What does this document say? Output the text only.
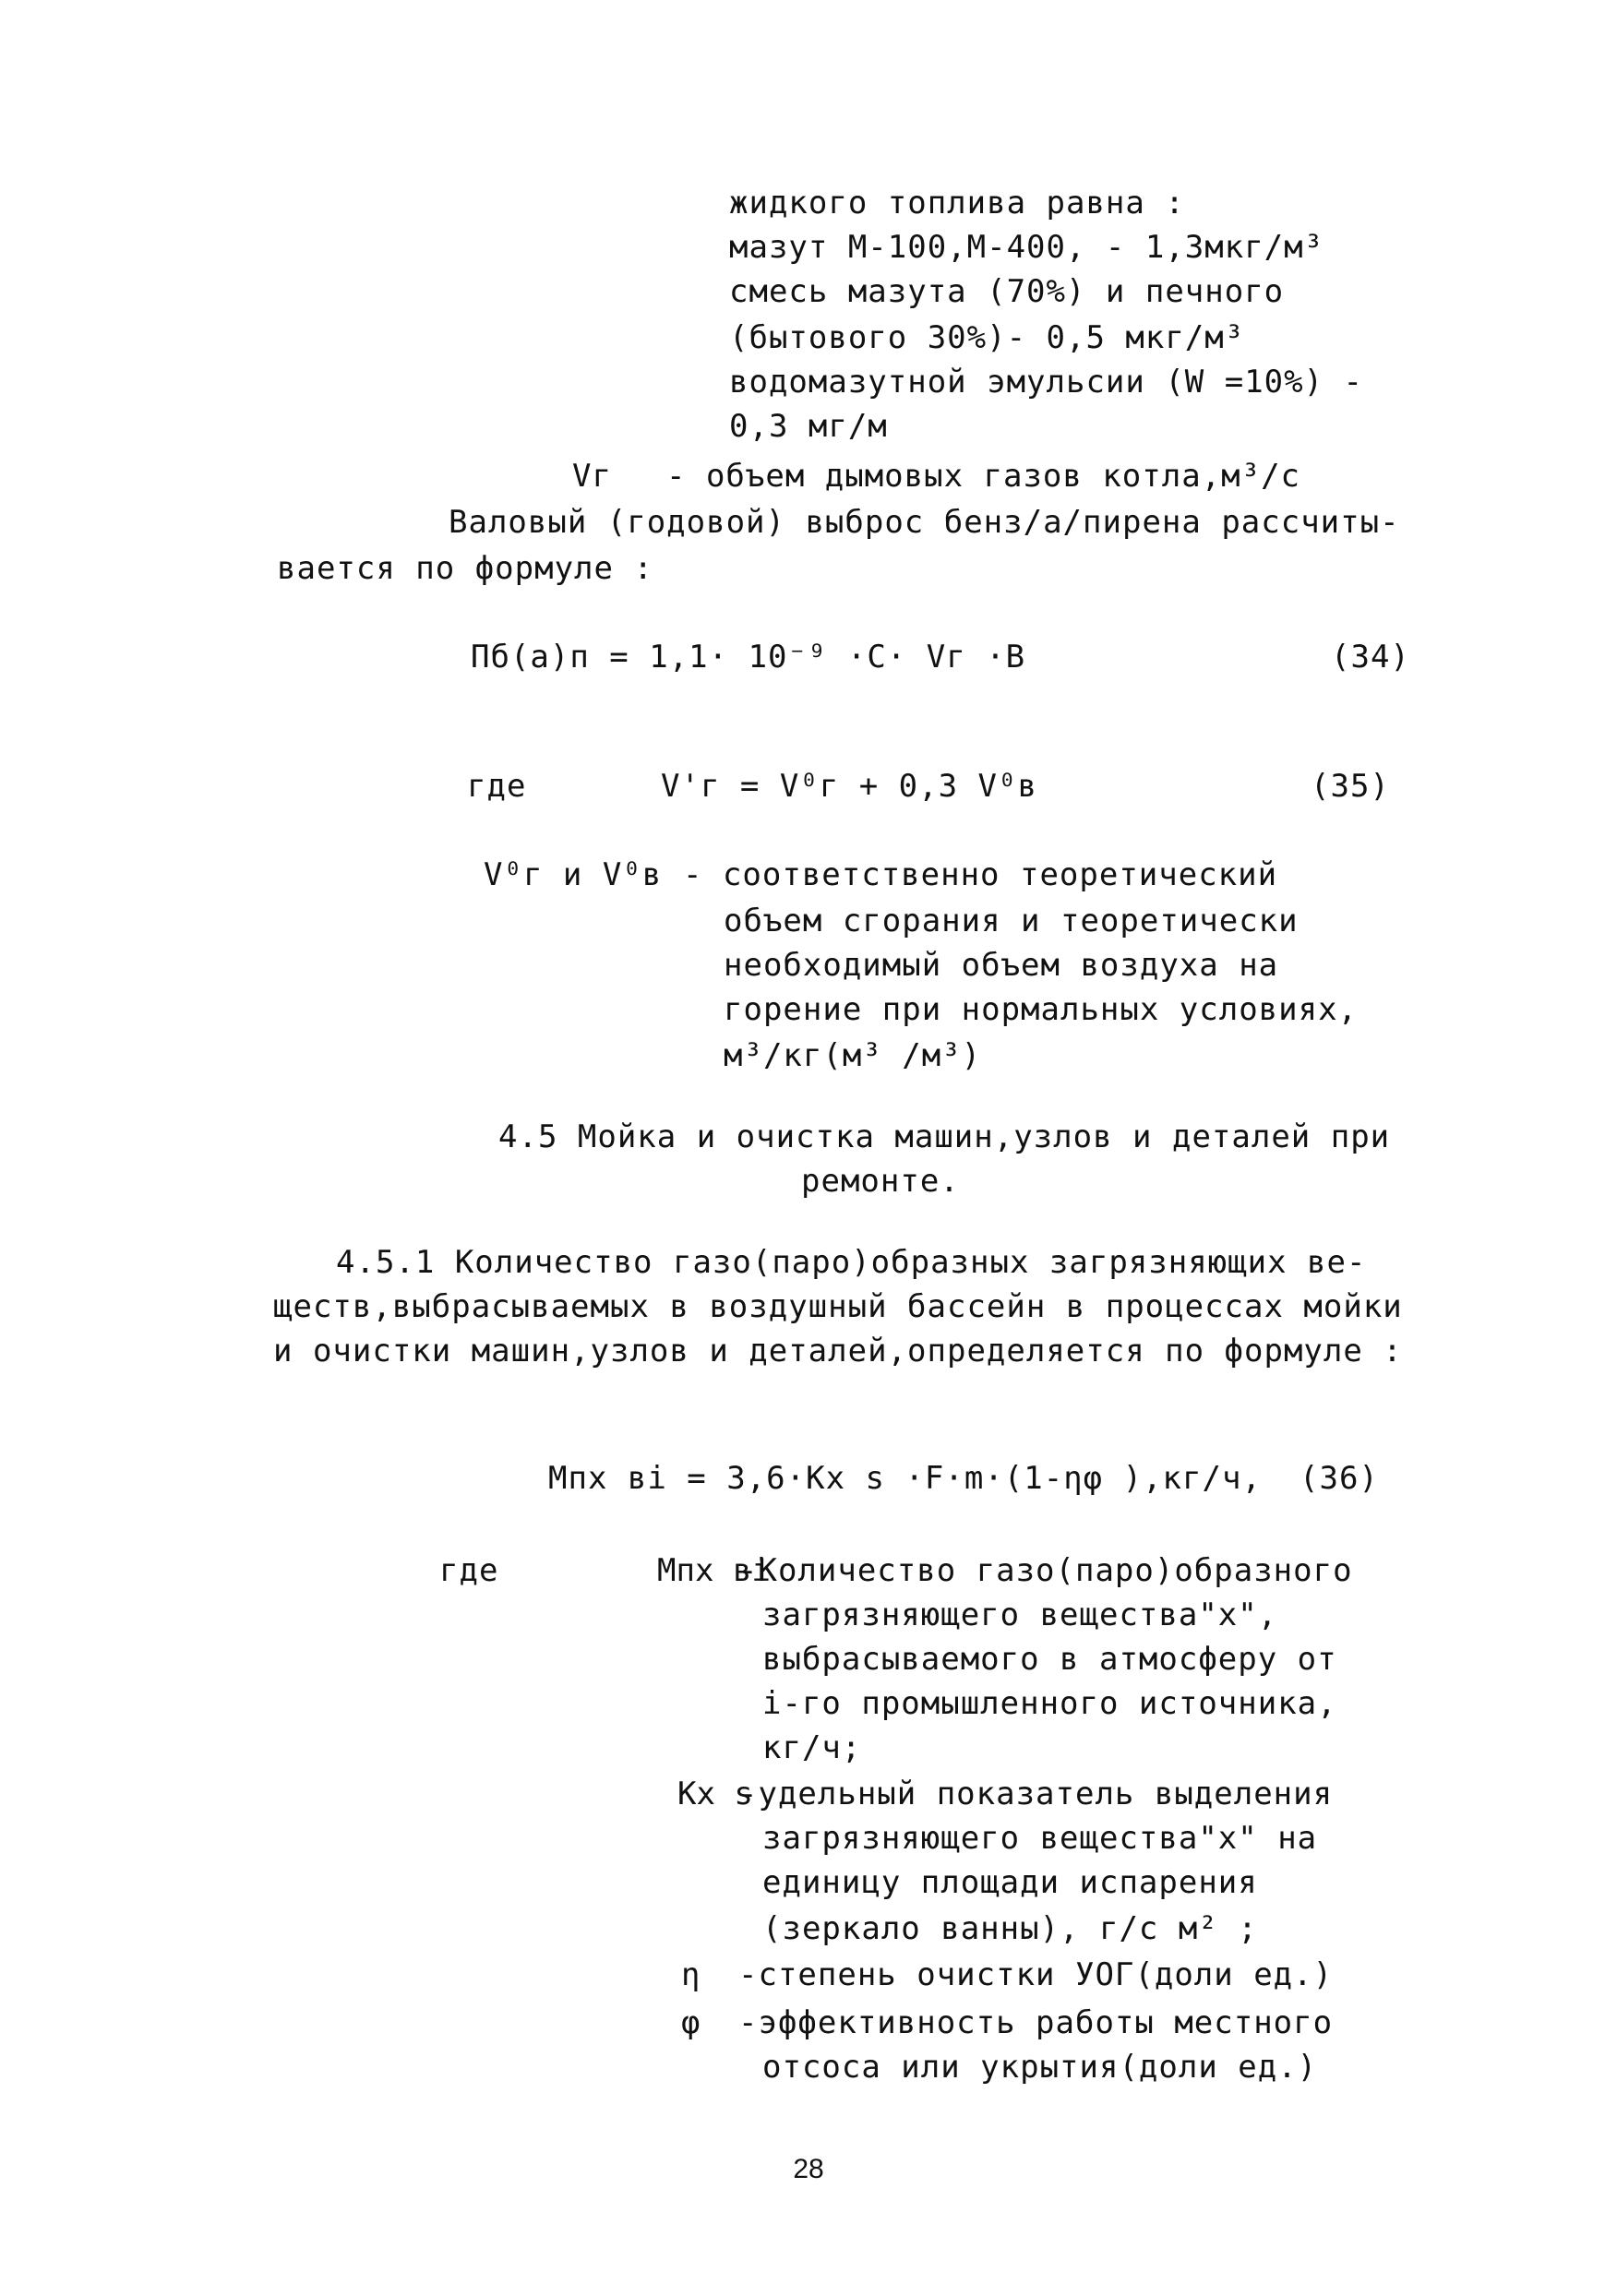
жидкого топлива равна :
мазут М-100,М-400, - 1,3мкг/м³
смесь мазута (70%) и печного
(бытового 30%)- 0,5 мкг/м³
водомазутной эмульсии (W =10%) -
0,3 мг/м
Vг - объем дымовых газов котла,м³/с
Валовый (годовой) выброс бенз/а/пирена рассчиты-
вается по формуле :
Пб(а)п = 1,1· 10⁻⁹ ·С· Vг ·В	(34)
где	V'г = V⁰г + 0,3 V⁰в	(35)
V⁰г и V⁰в - соответственно теоретический
объем сгорания и теоретически
необходимый объем воздуха на
горение при нормальных условиях,
м³/кг(м³ /м³)
4.5 Мойка и очистка машин,узлов и деталей при
ремонте.
4.5.1 Количество газо(паро)образных загрязняющих ве-
ществ,выбрасываемых в воздушный бассейн в процессах мойки
и очистки машин,узлов и деталей,определяется по формуле :
Мпх вi = 3,6·Кх s ·F·m·(1-ηφ ),кг/ч, (36)
где	Мпх вi
-Количество газо(паро)образного
загрязняющего вещества"х",
выбрасываемого в атмосферу от
i-го промышленного источника,
кг/ч;
Кх s
-удельный показатель выделения
загрязняющего вещества"х" на
единицу площади испарения
(зеркало ванны), г/с м² ;
η -степень очистки УОГ(доли ед.)
φ -эффективность работы местного
отсоса или укрытия(доли ед.)
28
